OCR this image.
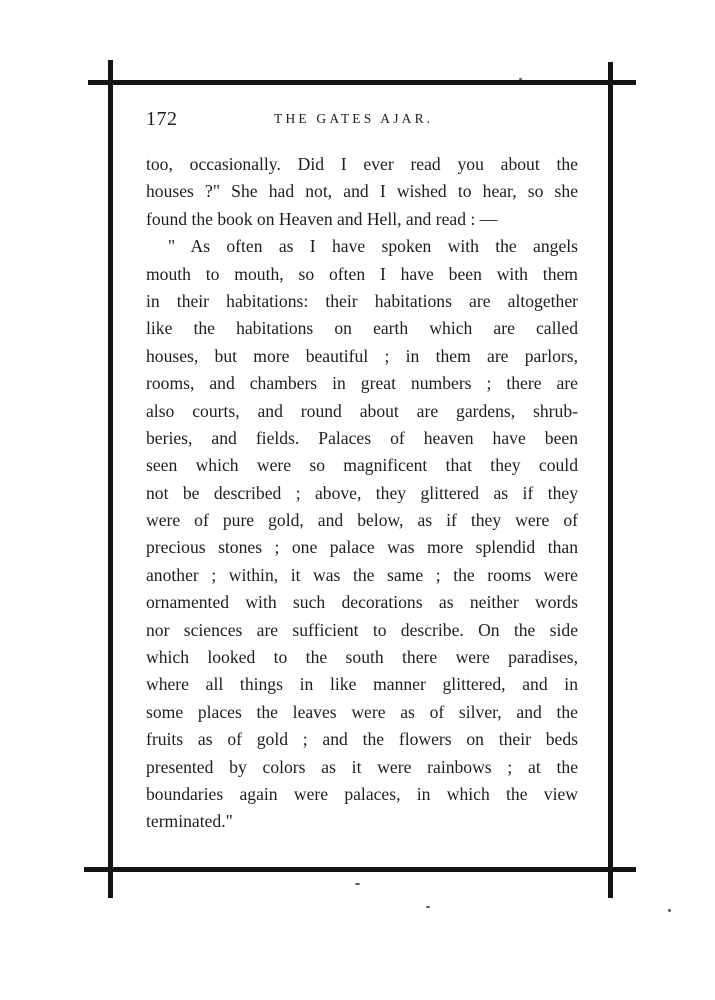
172	THE GATES AJAR.
too, occasionally. Did I ever read you about the
houses ?" She had not, and I wished to hear, so she
found the book on Heaven and Hell, and read : —
" As often as I have spoken with the angels
mouth to mouth, so often I have been with them
in their habitations: their habitations are altogether
like the habitations on earth which are called
houses, but more beautiful ; in them are parlors,
rooms, and chambers in great numbers ; there are
also courts, and round about are gardens, shrub-
beries, and fields. Palaces of heaven have been
seen which were so magnificent that they could
not be described ; above, they glittered as if they
were of pure gold, and below, as if they were of
precious stones ; one palace was more splendid than
another ; within, it was the same ; the rooms were
ornamented with such decorations as neither words
nor sciences are sufficient to describe. On the side
which looked to the south there were paradises,
where all things in like manner glittered, and in
some places the leaves were as of silver, and the
fruits as of gold ; and the flowers on their beds
presented by colors as it were rainbows ; at the
boundaries again were palaces, in which the view
terminated."
